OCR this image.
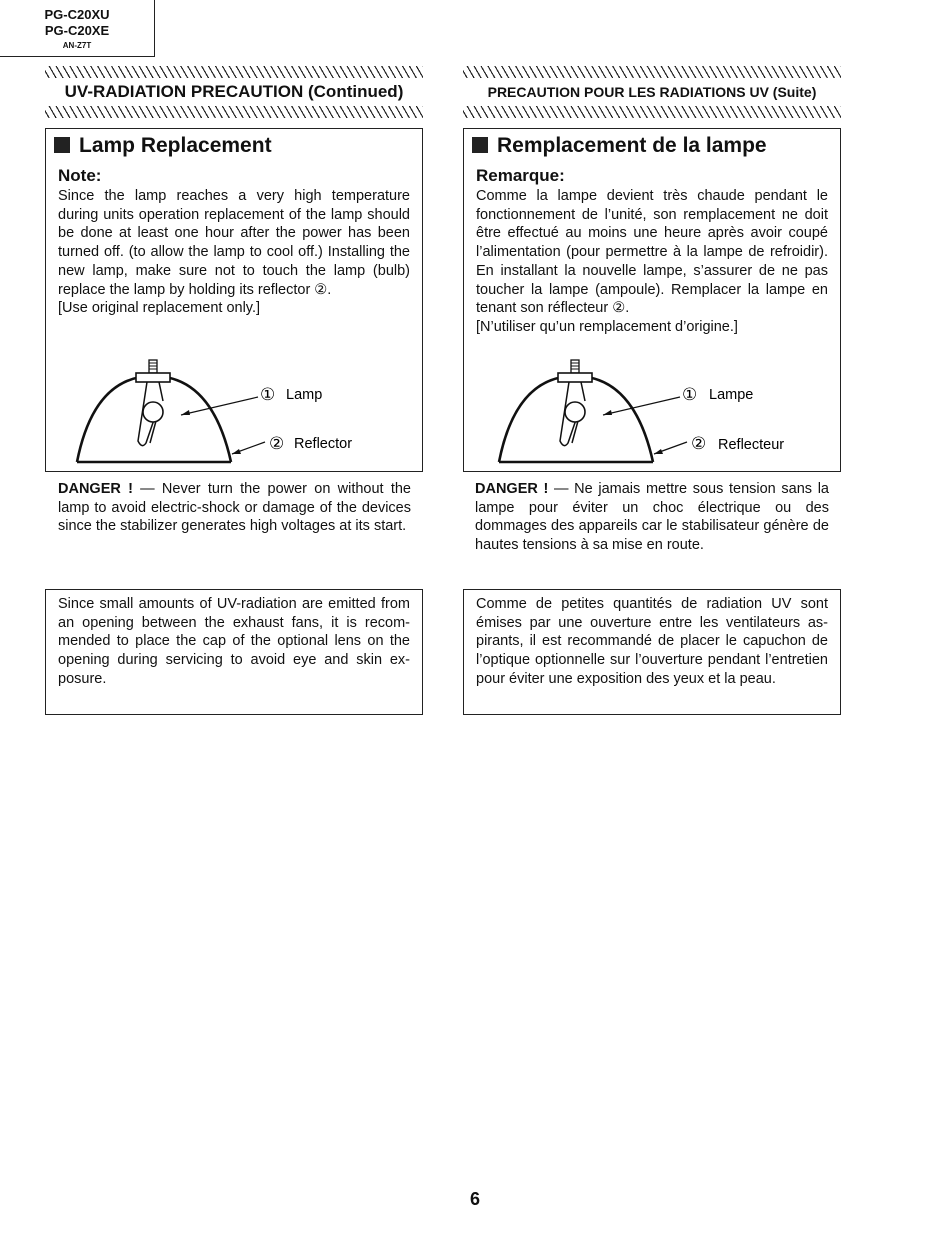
PG-C20XU
PG-C20XE
AN-Z7T
UV-RADIATION PRECAUTION (Continued)
Lamp Replacement
Note:

Since the lamp reaches a very high temperature during units operation replacement of the lamp should be done at least one hour after the power has been turned off. (to allow the lamp to cool off.) Installing the new lamp, make sure not to touch the lamp (bulb) replace the lamp by holding its reflector ②.

[Use original replacement only.]

① Lamp
② Reflector
DANGER ! — Never turn the power on without the lamp to avoid electric-shock or damage of the devices since the stabilizer generates high voltages at its start.

Since small amounts of UV-radiation are emitted from an opening between the exhaust fans, it is recom-mended to place the cap of the optional lens on the opening during servicing to avoid eye and skin ex-posure.

PRECAUTION POUR LES RADIATIONS UV (Suite)
Remplacement de la lampe
Remarque:

Comme la lampe devient très chaude pendant le fonctionnement de l’unité, son remplacement ne doit être effectué au moins une heure après avoir coupé l’alimentation (pour permettre à la lampe de refroidir). En installant la nouvelle lampe, s’assurer de ne pas toucher la lampe (ampoule). Remplacer la lampe en tenant son réflecteur ②.

[N’utiliser qu’un remplacement d’origine.]

① Lampe
② Reflecteur
DANGER ! — Ne jamais mettre sous tension sans la lampe pour éviter un choc électrique ou des dommages des appareils car le stabilisateur génère de hautes tensions à sa mise en route.

Comme de petites quantités de radiation UV sont émises par une ouverture entre les ventilateurs as-pirants, il est recommandé de placer le capuchon de l’optique optionnelle sur l’ouverture pendant l’entretien pour éviter une exposition des yeux et la peau.

6
